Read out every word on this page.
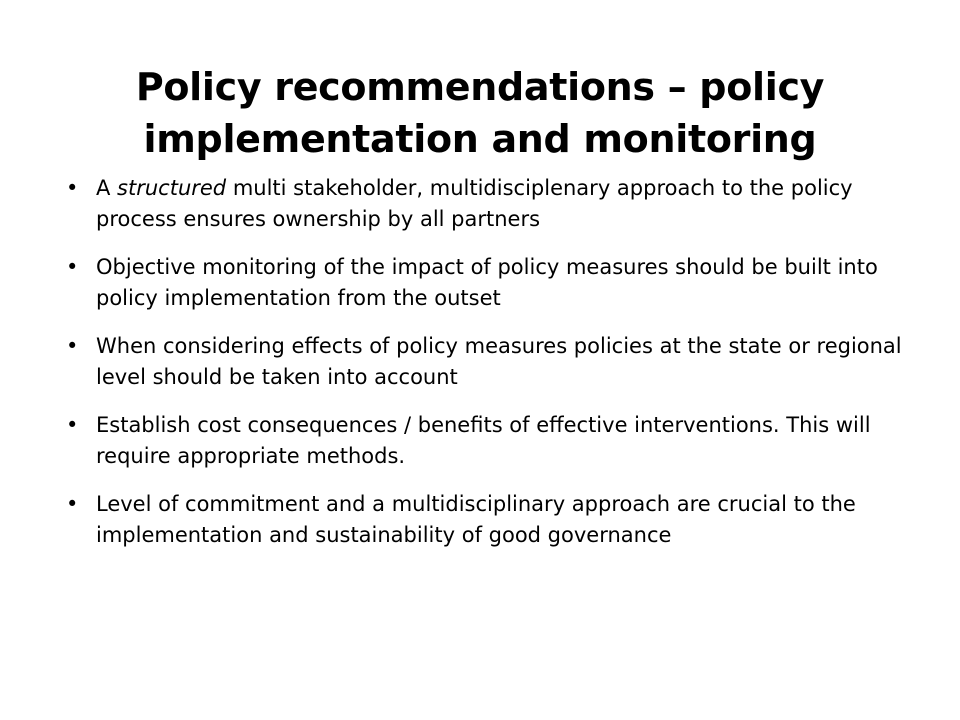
Policy recommendations – policy implementation and monitoring
• A structured multi stakeholder, multidisciplenary approach to the policy process ensures ownership by all partners
• Objective monitoring of the impact of policy measures should be built into policy implementation from the outset
• When considering effects of policy measures policies at the state or regional level should be taken into account
• Establish cost consequences / benefits of effective interventions. This will require appropriate methods.
• Level of commitment and a multidisciplinary approach are crucial to the implementation and sustainability of good governance
